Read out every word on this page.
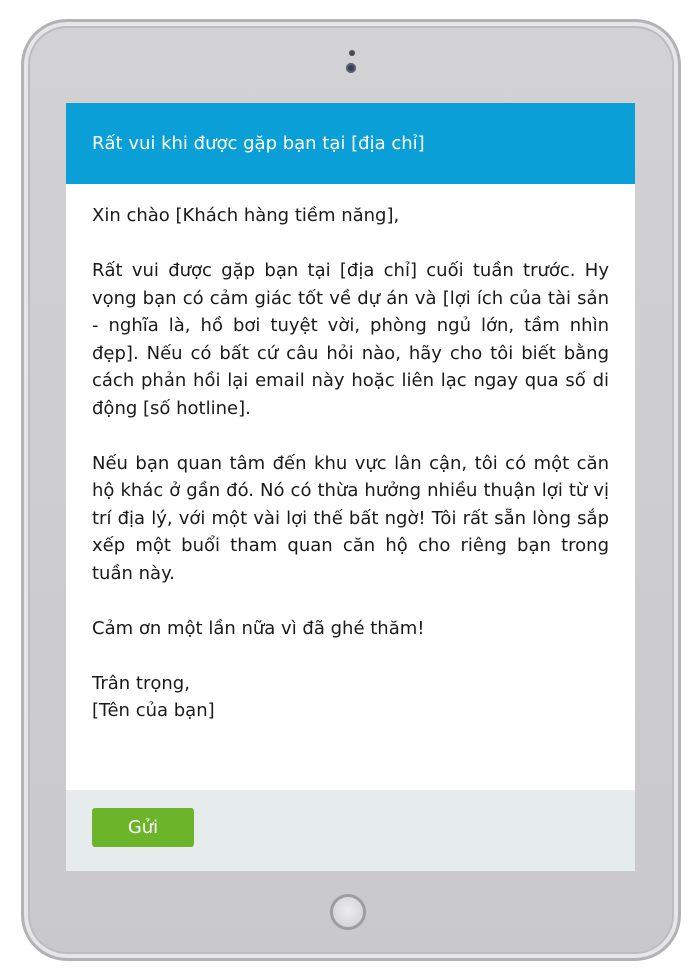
Rất vui khi được gặp bạn tại [địa chỉ]

Xin chào [Khách hàng tiềm năng],

Rất vui được gặp bạn tại [địa chỉ] cuối tuần trước. Hy vọng bạn có cảm giác tốt về dự án và [lợi ích của tài sản - nghĩa là, hồ bơi tuyệt vời, phòng ngủ lớn, tầm nhìn đẹp]. Nếu có bất cứ câu hỏi nào, hãy cho tôi biết bằng cách phản hồi lại email này hoặc liên lạc ngay qua số di động [số hotline].

Nếu bạn quan tâm đến khu vực lân cận, tôi có một căn hộ khác ở gần đó. Nó có thừa hưởng nhiều thuận lợi từ vị trí địa lý, với một vài lợi thế bất ngờ! Tôi rất sẵn lòng sắp xếp một buổi tham quan căn hộ cho riêng bạn trong tuần này.

Cảm ơn một lần nữa vì đã ghé thăm!

Trân trọng,

[Tên của bạn]

Gửi
